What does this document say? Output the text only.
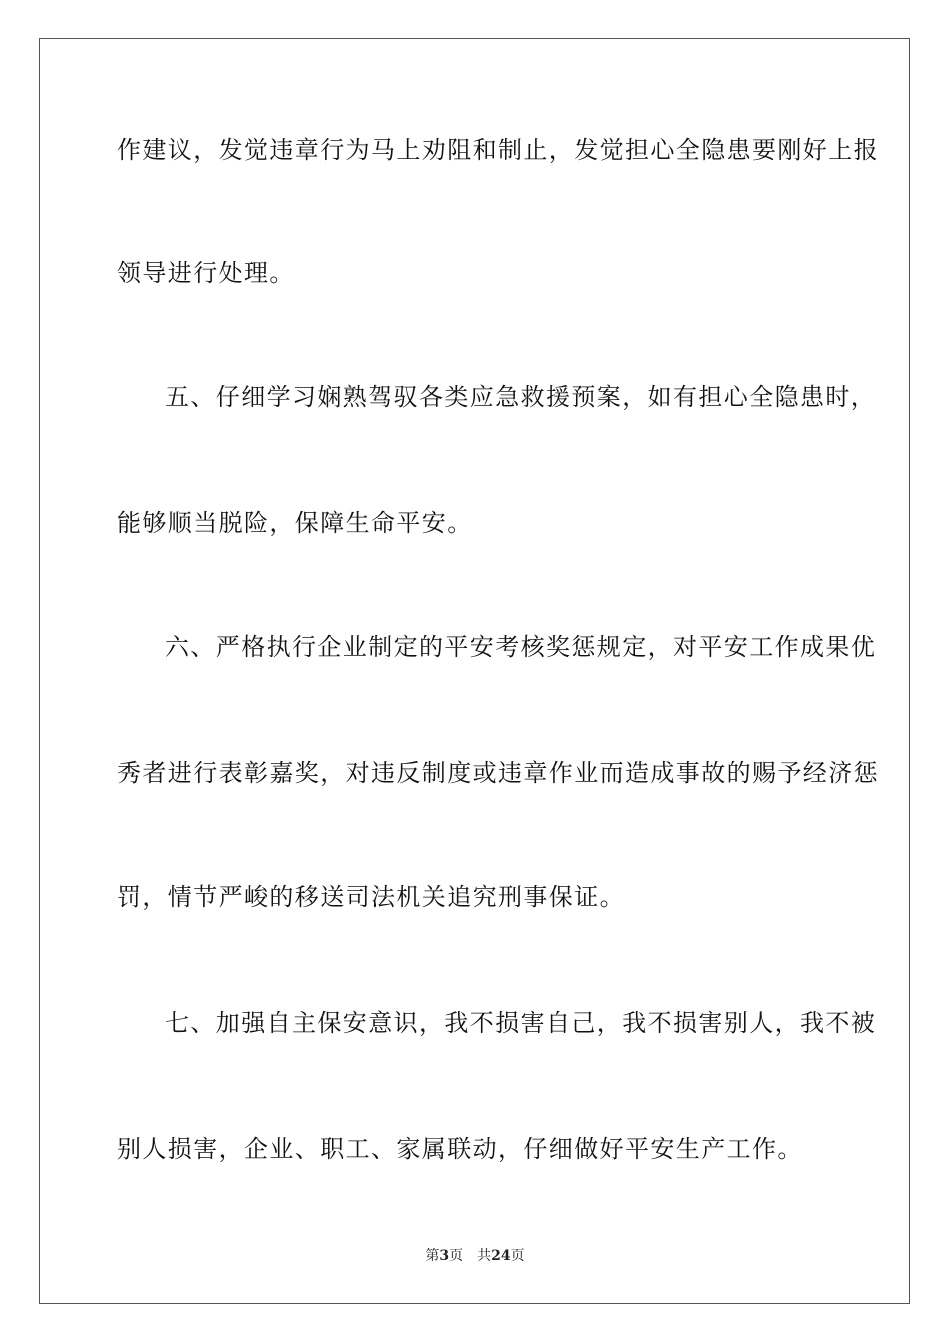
作建议，发觉违章行为马上劝阻和制止，发觉担心全隐患要刚好上报
领导进行处理。
五、仔细学习娴熟驾驭各类应急救援预案，如有担心全隐患时，
能够顺当脱险，保障生命平安。
六、严格执行企业制定的平安考核奖惩规定，对平安工作成果优
秀者进行表彰嘉奖，对违反制度或违章作业而造成事故的赐予经济惩
罚，情节严峻的移送司法机关追究刑事保证。
七、加强自主保安意识，我不损害自己，我不损害别人，我不被
别人损害，企业、职工、家属联动，仔细做好平安生产工作。
第3页 共24页
